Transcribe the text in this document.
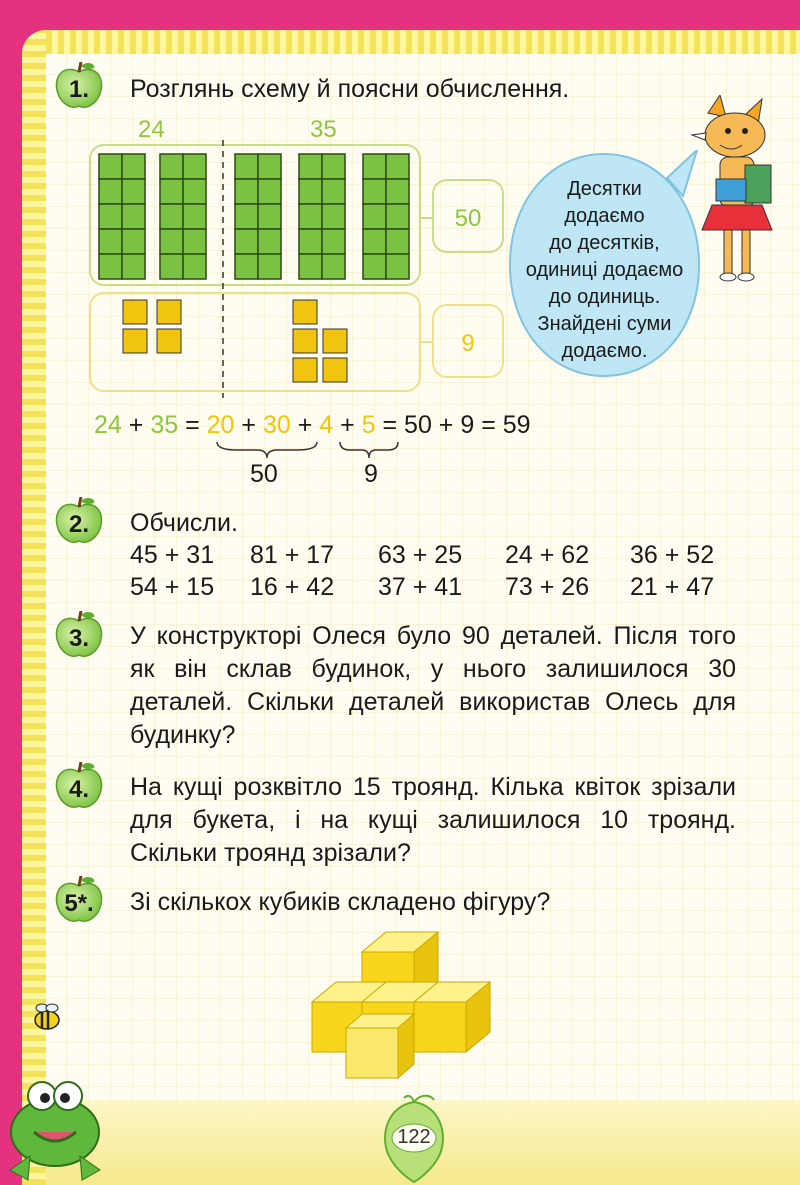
1.	Розглянь схему й поясни обчислення.
24	35
50
9
Десятки
додаємо
до десятків,
одиниці додаємо
до одиниць.
Знайдені суми
додаємо.
24 + 35 = 20 + 30 + 4 + 5 = 50 + 9 = 59
50	9
2.	Обчисли.
45 + 31 81 + 17 63 + 25 24 + 62 36 + 52
54 + 15 16 + 42 37 + 41 73 + 26 21 + 47
3.	У конструкторі Олеся було 90 деталей. Після того як він склав будинок, у нього залишилося 30 деталей. Скільки деталей використав Олесь для будинку?
4.	На кущі розквітло 15 троянд. Кілька квіток зрізали для букета, і на кущі залишилося 10 троянд. Скільки троянд зрізали?
5*.	Зі скількох кубиків складено фігуру?
122
